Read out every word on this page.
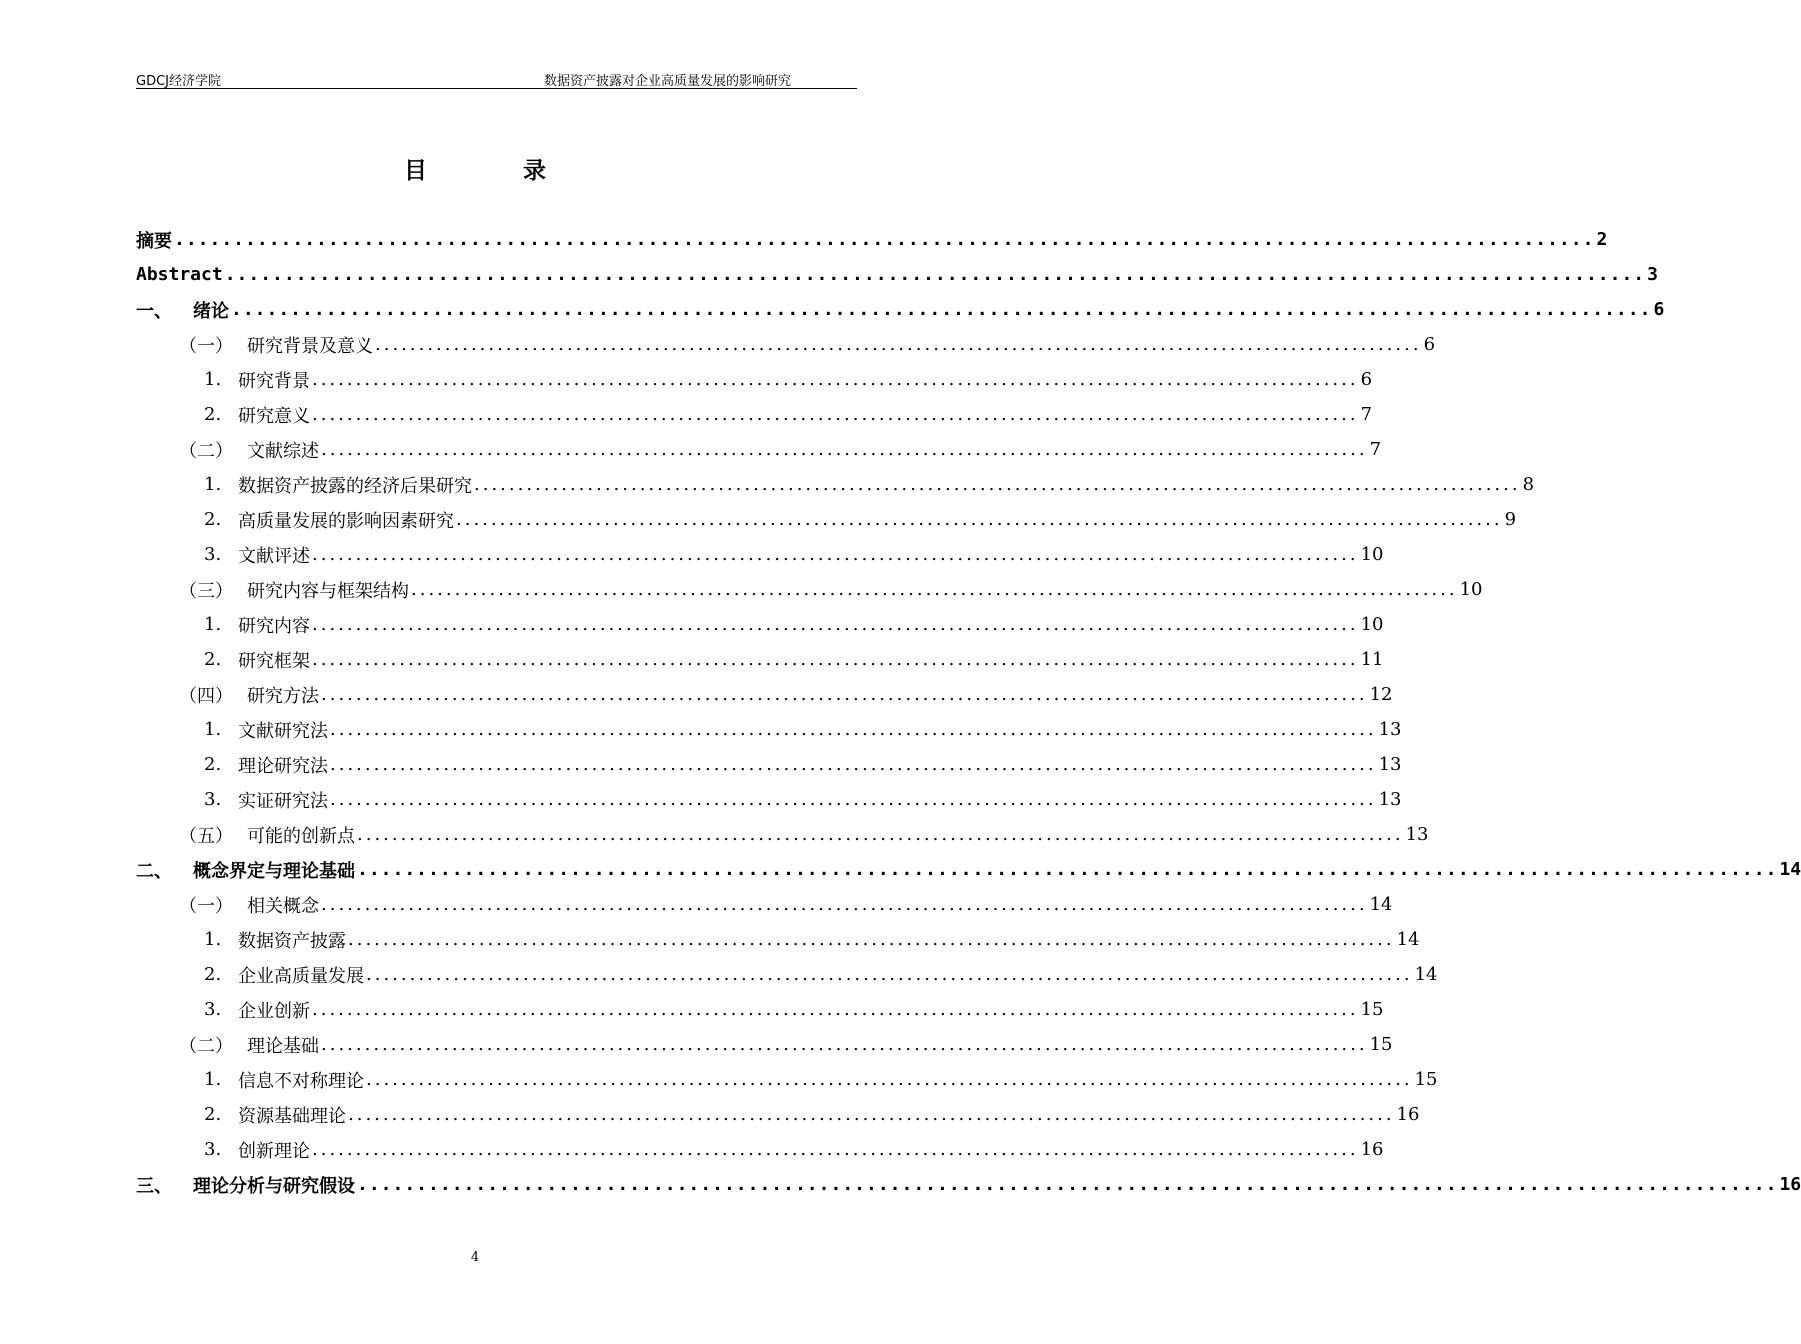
GDCJ经济学院	数据资产披露对企业高质量发展的影响研究
目	录
摘要 ........................................................................................................................ 2
Abstract ........................................................................................................................ 3
一、	绪论 ........................................................................................................................ 6
（一） 研究背景及意义 ........................................................................................................................ 6
1. 研究背景 ........................................................................................................................ 6
2. 研究意义 ........................................................................................................................ 7
（二） 文献综述 ........................................................................................................................ 7
1. 数据资产披露的经济后果研究 ........................................................................................................................ 8
2. 高质量发展的影响因素研究 ........................................................................................................................ 9
3. 文献评述 ........................................................................................................................ 10
（三） 研究内容与框架结构 ........................................................................................................................ 10
1. 研究内容 ........................................................................................................................ 10
2. 研究框架 ........................................................................................................................ 11
（四） 研究方法 ........................................................................................................................ 12
1. 文献研究法 ........................................................................................................................ 13
2. 理论研究法 ........................................................................................................................ 13
3. 实证研究法 ........................................................................................................................ 13
（五） 可能的创新点 ........................................................................................................................ 13
二、	概念界定与理论基础 ........................................................................................................................ 14
（一） 相关概念 ........................................................................................................................ 14
1. 数据资产披露 ........................................................................................................................ 14
2. 企业高质量发展 ........................................................................................................................ 14
3. 企业创新 ........................................................................................................................ 15
（二） 理论基础 ........................................................................................................................ 15
1. 信息不对称理论 ........................................................................................................................ 15
2. 资源基础理论 ........................................................................................................................ 16
3. 创新理论 ........................................................................................................................ 16
三、	理论分析与研究假设 ........................................................................................................................ 16
4
